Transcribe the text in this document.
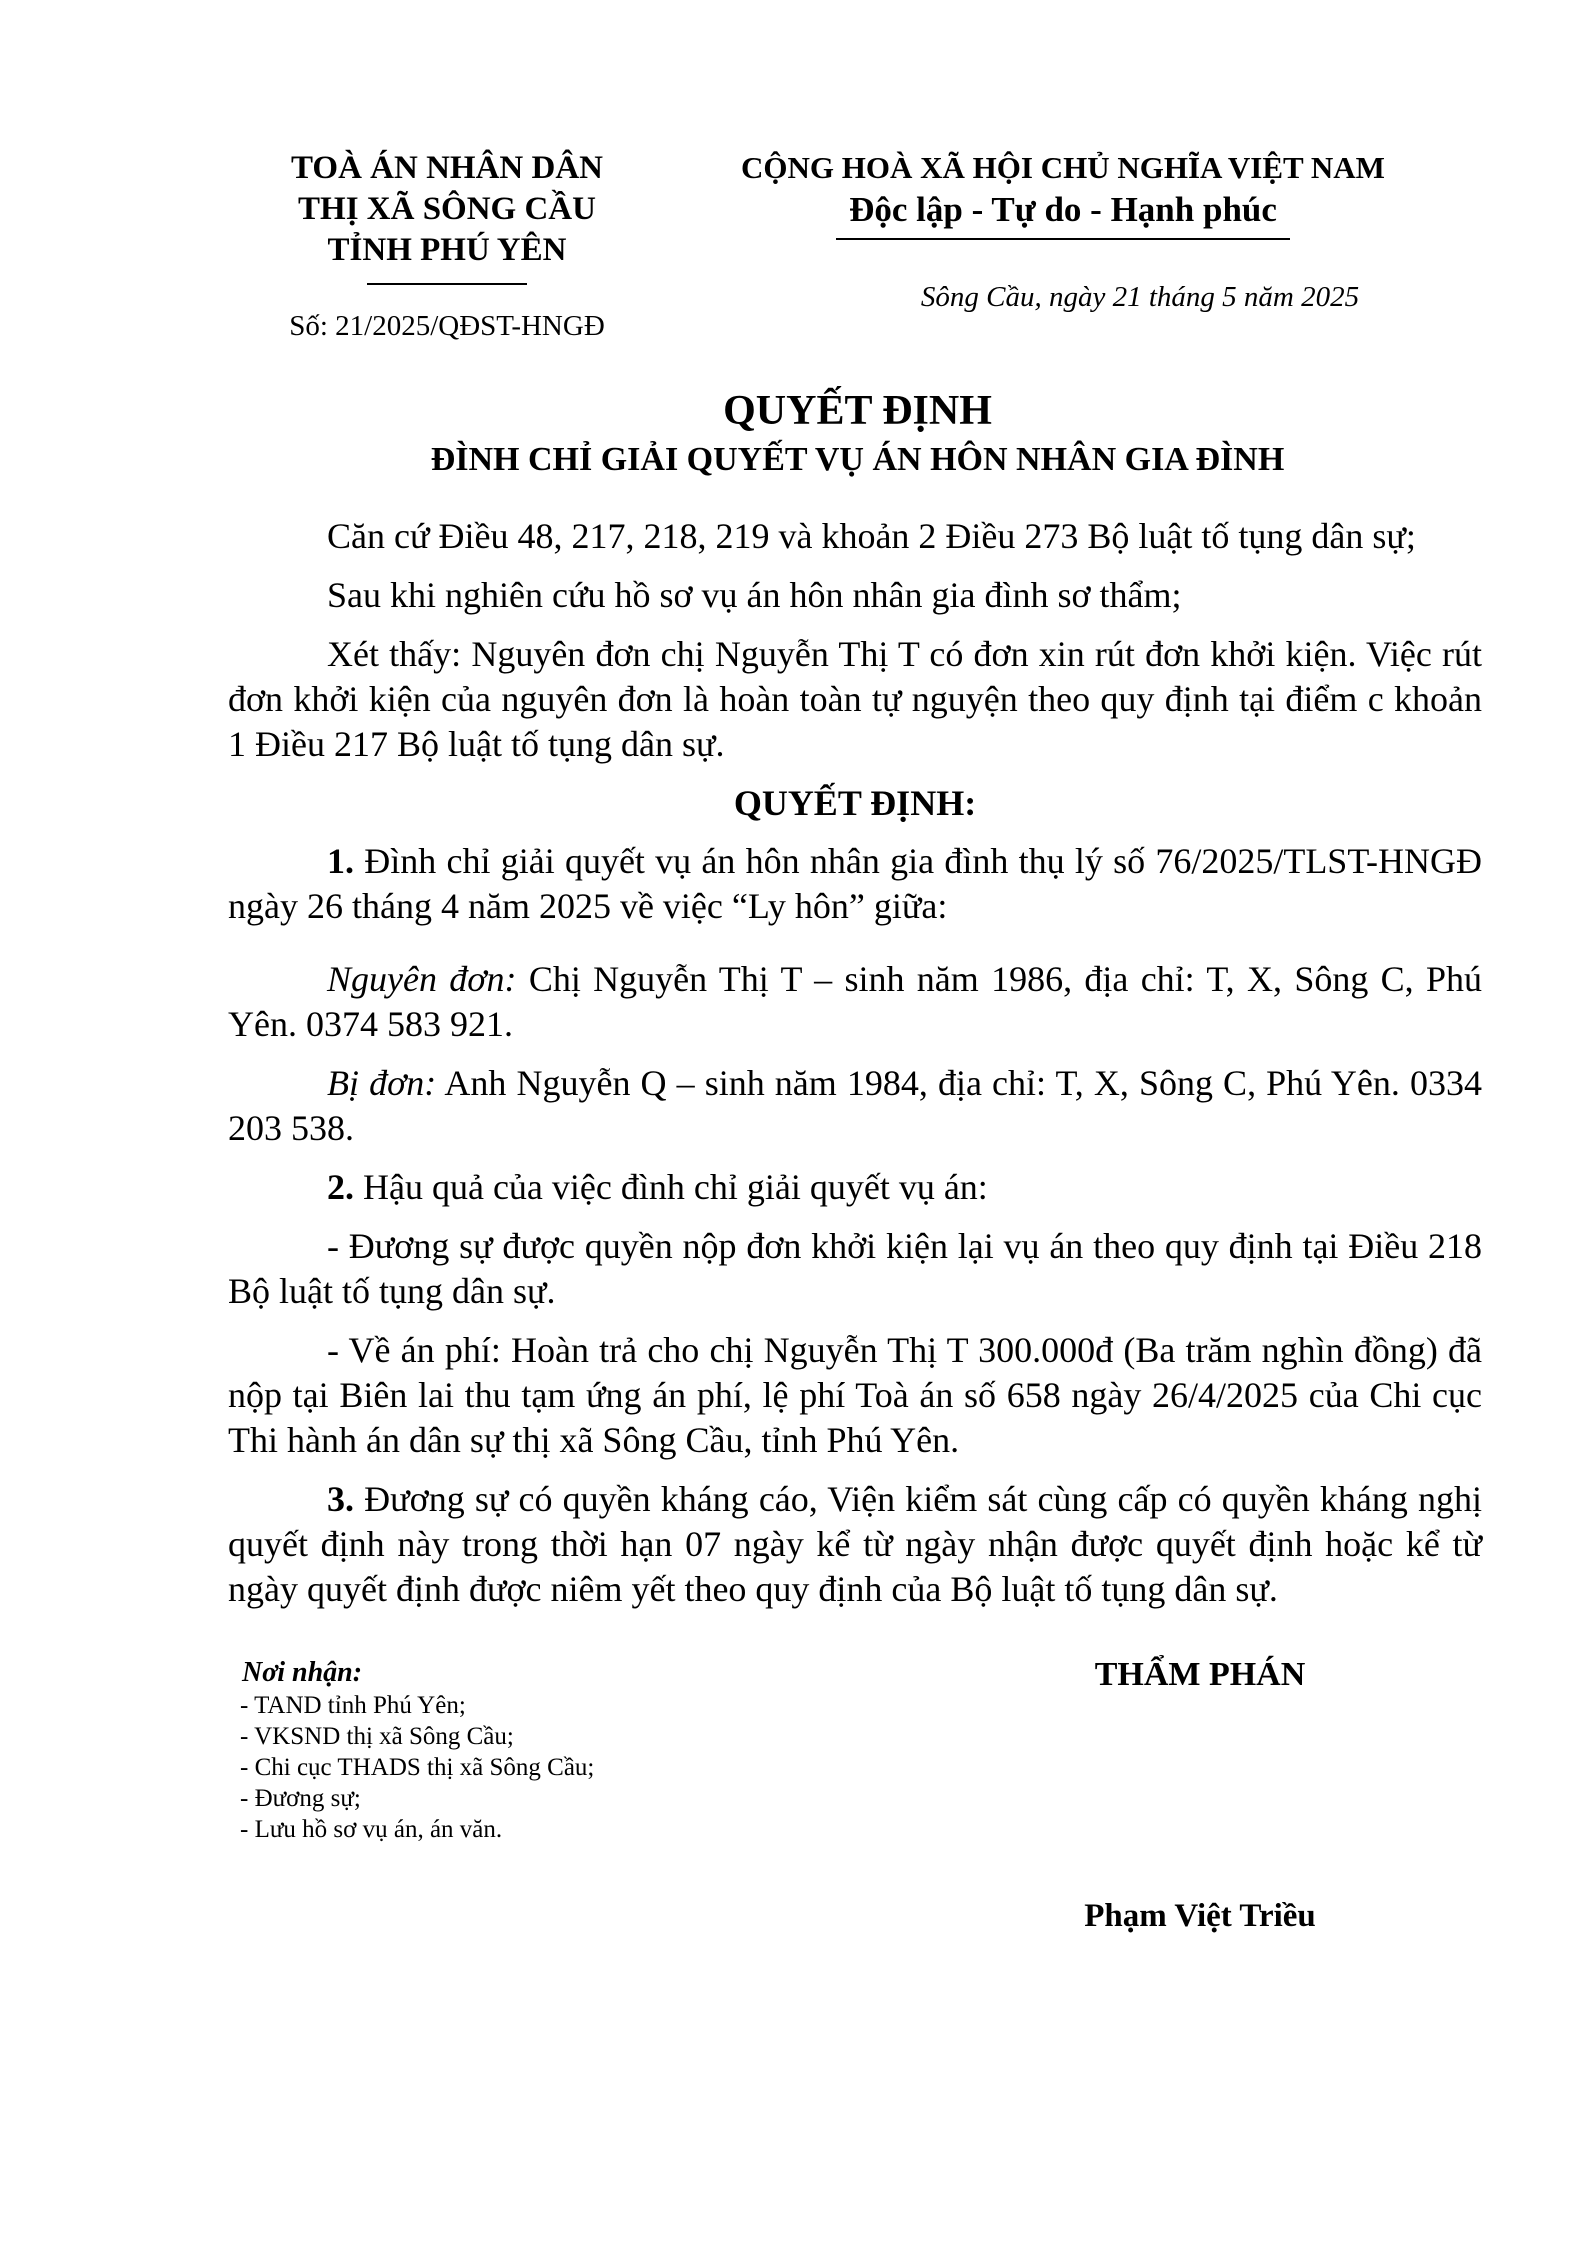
TOÀ ÁN NHÂN DÂN
THỊ XÃ SÔNG CẦU
TỈNH PHÚ YÊN
Số: 21/2025/QĐST-HNGĐ
CỘNG HOÀ XÃ HỘI CHỦ NGHĨA VIỆT NAM
Độc lập - Tự do - Hạnh phúc
Sông Cầu, ngày 21 tháng 5 năm 2025
QUYẾT ĐỊNH
ĐÌNH CHỈ GIẢI QUYẾT VỤ ÁN HÔN NHÂN GIA ĐÌNH

Căn cứ Điều 48, 217, 218, 219 và khoản 2 Điều 273 Bộ luật tố tụng dân sự;

Sau khi nghiên cứu hồ sơ vụ án hôn nhân gia đình sơ thẩm;

Xét thấy: Nguyên đơn chị Nguyễn Thị T có đơn xin rút đơn khởi kiện. Việc rút đơn khởi kiện của nguyên đơn là hoàn toàn tự nguyện theo quy định tại điểm c khoản 1 Điều 217 Bộ luật tố tụng dân sự.

QUYẾT ĐỊNH:

1. Đình chỉ giải quyết vụ án hôn nhân gia đình thụ lý số 76/2025/TLST-HNGĐ ngày 26 tháng 4 năm 2025 về việc “Ly hôn” giữa:

Nguyên đơn: Chị Nguyễn Thị T – sinh năm 1986, địa chỉ: T, X, Sông C, Phú Yên. 0374 583 921.

Bị đơn: Anh Nguyễn Q – sinh năm 1984, địa chỉ: T, X, Sông C, Phú Yên. 0334 203 538.

2. Hậu quả của việc đình chỉ giải quyết vụ án:

- Đương sự được quyền nộp đơn khởi kiện lại vụ án theo quy định tại Điều 218 Bộ luật tố tụng dân sự.

- Về án phí: Hoàn trả cho chị Nguyễn Thị T 300.000đ (Ba trăm nghìn đồng) đã nộp tại Biên lai thu tạm ứng án phí, lệ phí Toà án số 658 ngày 26/4/2025 của Chi cục Thi hành án dân sự thị xã Sông Cầu, tỉnh Phú Yên.

3. Đương sự có quyền kháng cáo, Viện kiểm sát cùng cấp có quyền kháng nghị quyết định này trong thời hạn 07 ngày kể từ ngày nhận được quyết định hoặc kể từ ngày quyết định được niêm yết theo quy định của Bộ luật tố tụng dân sự.

Nơi nhận:
- TAND tỉnh Phú Yên;
- VKSND thị xã Sông Cầu;
- Chi cục THADS thị xã Sông Cầu;
- Đương sự;
- Lưu hồ sơ vụ án, án văn.
THẨM PHÁN
Phạm Việt Triều
